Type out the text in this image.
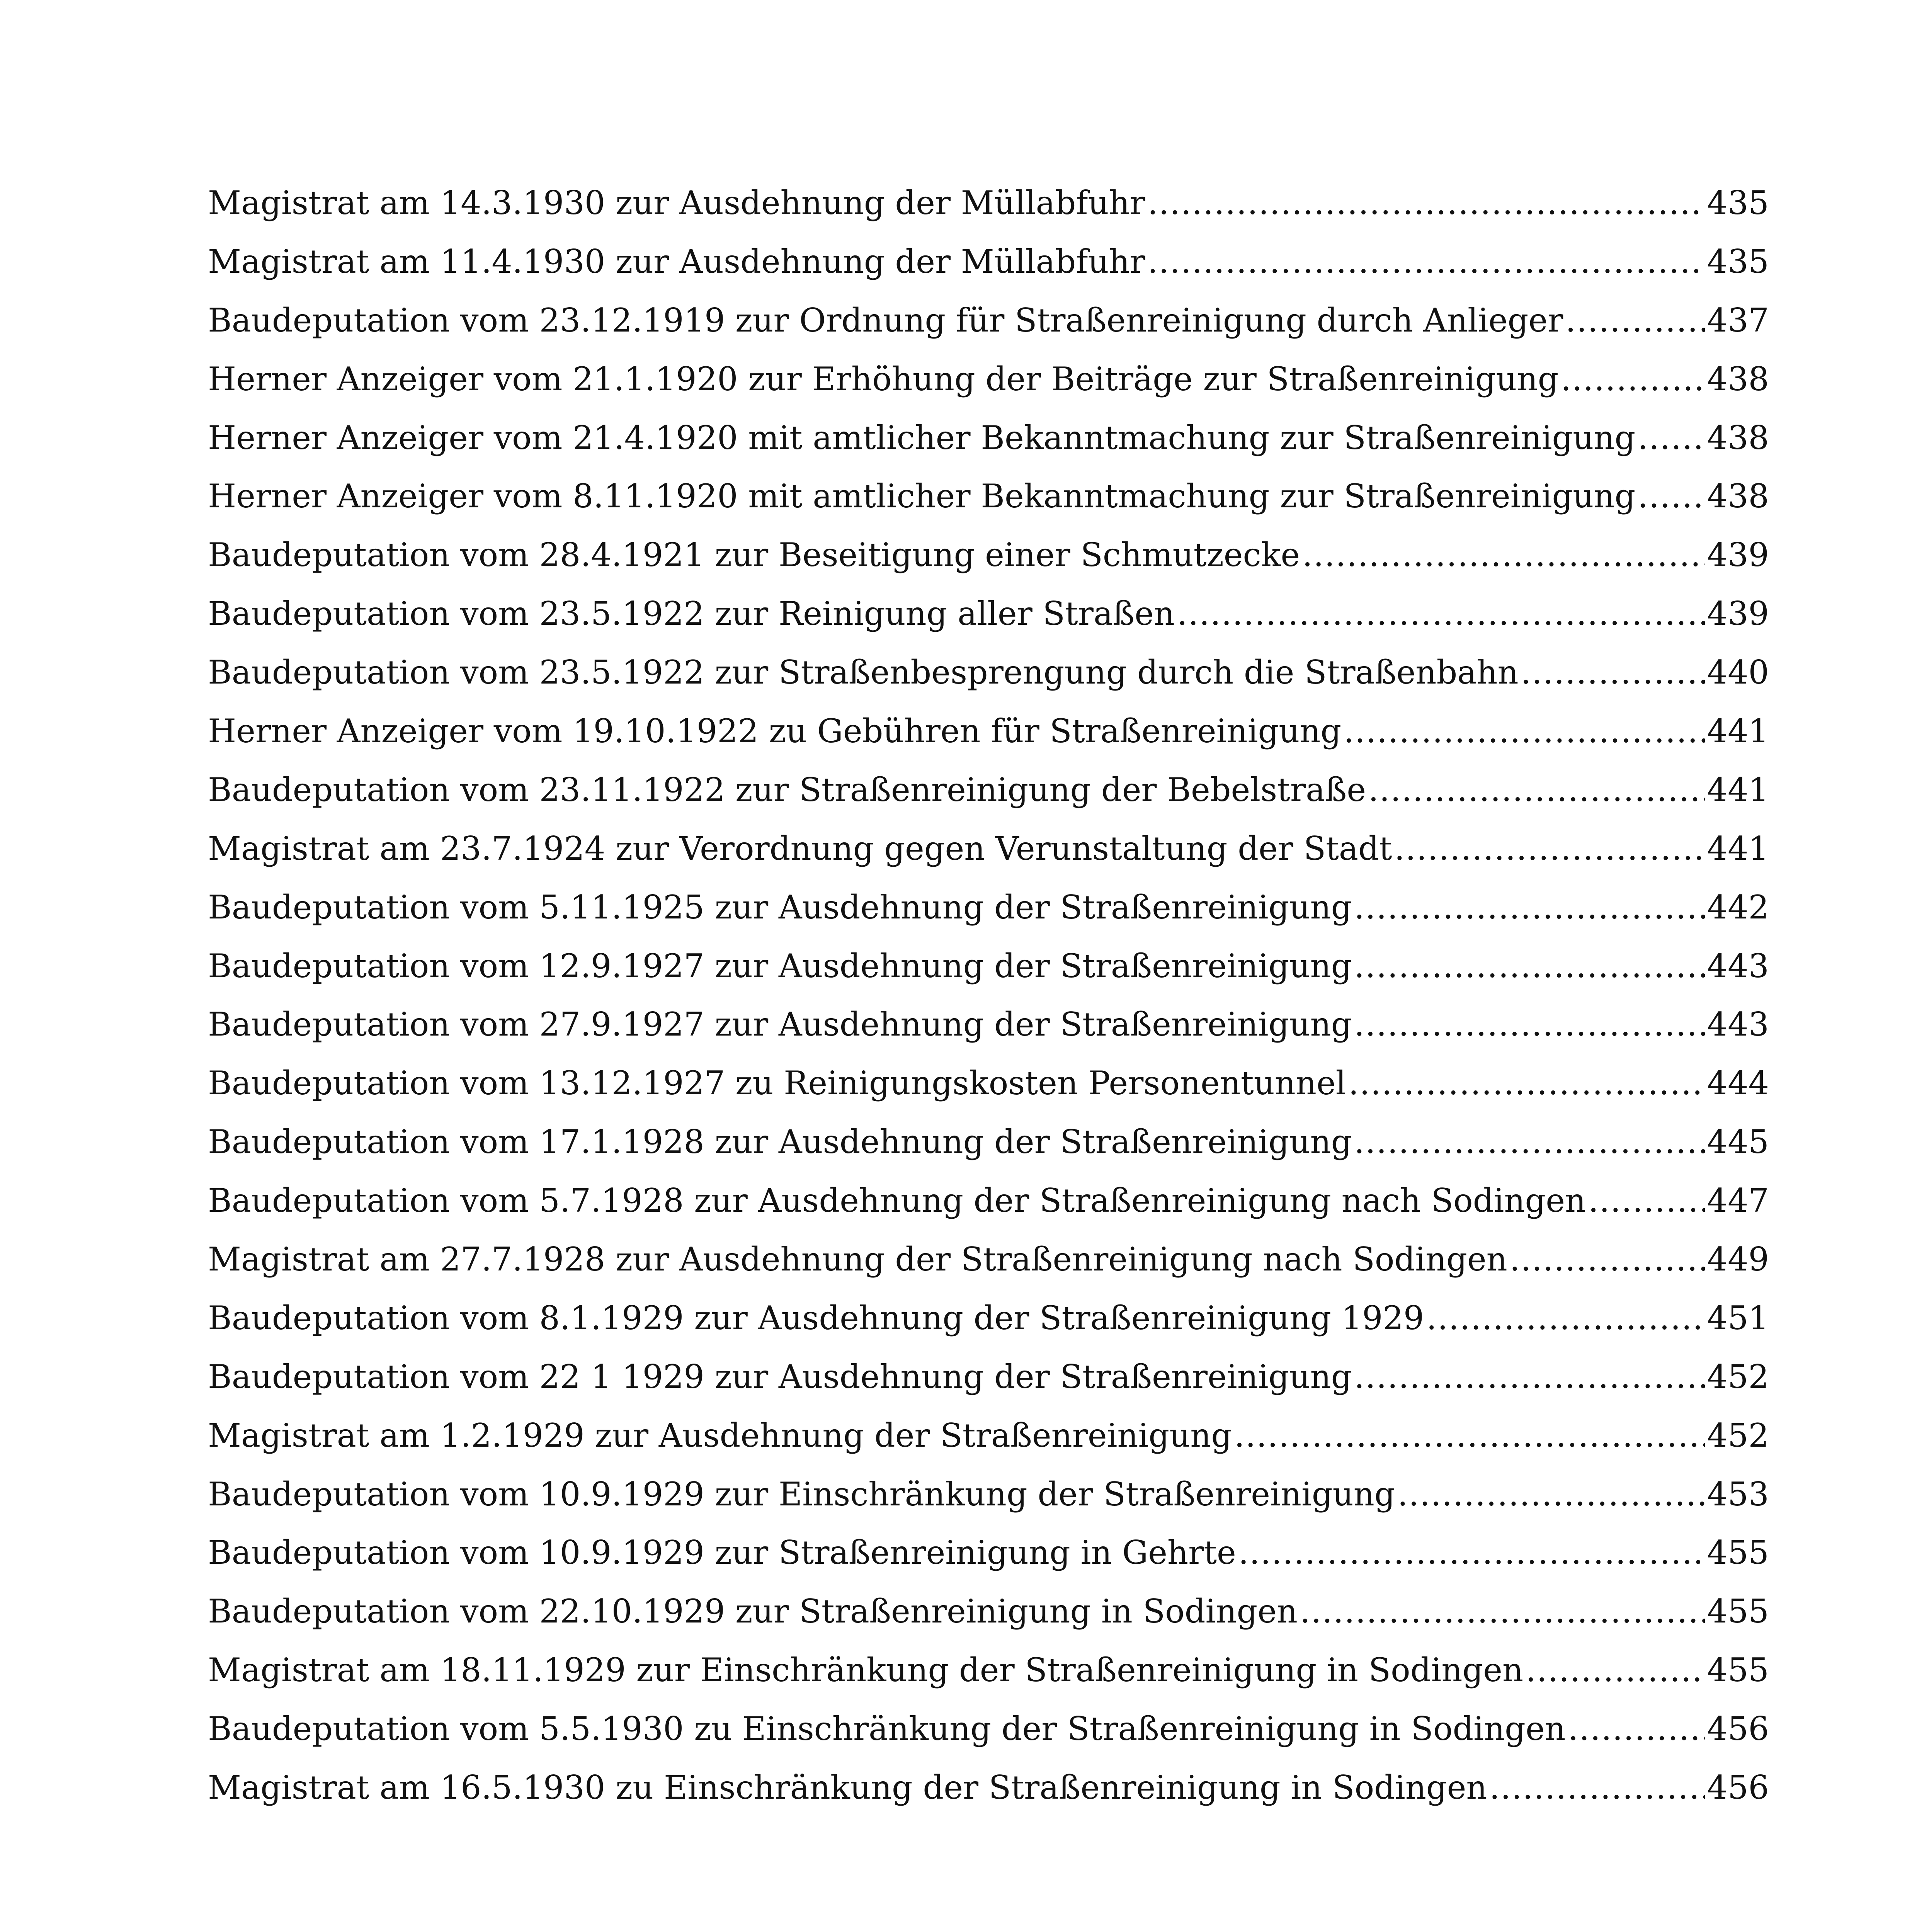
Magistrat am 14.3.1930 zur Ausdehnung der Müllabfuhr .....	435
Magistrat am 11.4.1930 zur Ausdehnung der Müllabfuhr .....	435
Baudeputation vom 23.12.1919 zur Ordnung für Straßenreinigung durch Anlieger .....	437
Herner Anzeiger vom 21.1.1920 zur Erhöhung der Beiträge zur Straßenreinigung .....	438
Herner Anzeiger vom 21.4.1920 mit amtlicher Bekanntmachung zur Straßenreinigung ..... 438
Herner Anzeiger vom 8.11.1920 mit amtlicher Bekanntmachung zur Straßenreinigung ..... 438
Baudeputation vom 28.4.1921 zur Beseitigung einer Schmutzecke .....	439
Baudeputation vom 23.5.1922 zur Reinigung aller Straßen .....	439
Baudeputation vom 23.5.1922 zur Straßenbesprengung durch die Straßenbahn .....	440
Herner Anzeiger vom 19.10.1922 zu Gebühren für Straßenreinigung .....	441
Baudeputation vom 23.11.1922 zur Straßenreinigung der Bebelstraße .....	441
Magistrat am 23.7.1924 zur Verordnung gegen Verunstaltung der Stadt .....	441
Baudeputation vom 5.11.1925 zur Ausdehnung der Straßenreinigung .....	442
Baudeputation vom 12.9.1927 zur Ausdehnung der Straßenreinigung .....	443
Baudeputation vom 27.9.1927 zur Ausdehnung der Straßenreinigung .....	443
Baudeputation vom 13.12.1927 zu Reinigungskosten Personentunnel .....	444
Baudeputation vom 17.1.1928 zur Ausdehnung der Straßenreinigung .....	445
Baudeputation vom 5.7.1928 zur Ausdehnung der Straßenreinigung nach Sodingen .....	447
Magistrat am 27.7.1928 zur Ausdehnung der Straßenreinigung nach Sodingen .....	449
Baudeputation vom 8.1.1929 zur Ausdehnung der Straßenreinigung 1929 .....	451
Baudeputation vom 22 1 1929 zur Ausdehnung der Straßenreinigung .....	452
Magistrat am 1.2.1929 zur Ausdehnung der Straßenreinigung .....	452
Baudeputation vom 10.9.1929 zur Einschränkung der Straßenreinigung .....	453
Baudeputation vom 10.9.1929 zur Straßenreinigung in Gehrte .....	455
Baudeputation vom 22.10.1929 zur Straßenreinigung in Sodingen .....	455
Magistrat am 18.11.1929 zur Einschränkung der Straßenreinigung in Sodingen .....	455
Baudeputation vom 5.5.1930 zu Einschränkung der Straßenreinigung in Sodingen .....	456
Magistrat am 16.5.1930 zu Einschränkung der Straßenreinigung in Sodingen .....	456
